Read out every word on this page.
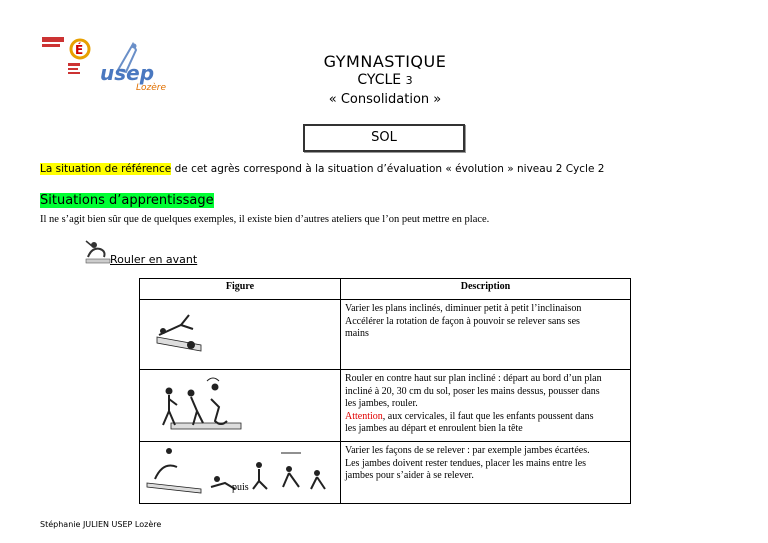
É
usep
Lozère
GYMNASTIQUE
CYCLE 3
« Consolidation »
SOL
La situation de référence de cet agrès correspond à la situation d’évaluation « évolution » niveau 2 Cycle 2
Situations d’apprentissage
Il ne s’agit bien sûr que de quelques exemples, il existe bien d’autres ateliers que l’on peut mettre en place.
Rouler en avant
Figure	Description

Varier les plans inclinés, diminuer petit à petit l’inclinaison
Accélérer la rotation de façon à pouvoir se relever sans ses
mains

Rouler en contre haut sur plan incliné : départ au bord d’un plan
incliné à 20, 30 cm du sol, poser les mains dessus, pousser dans
les jambes, rouler.
Attention, aux cervicales, il faut que les enfants poussent dans
les jambes au départ et enroulent bien la tête

puis	Varier les façons de se relever : par exemple jambes écartées.
Les jambes doivent rester tendues, placer les mains entre les
jambes pour s’aider à se relever.
Stéphanie JULIEN USEP Lozère
